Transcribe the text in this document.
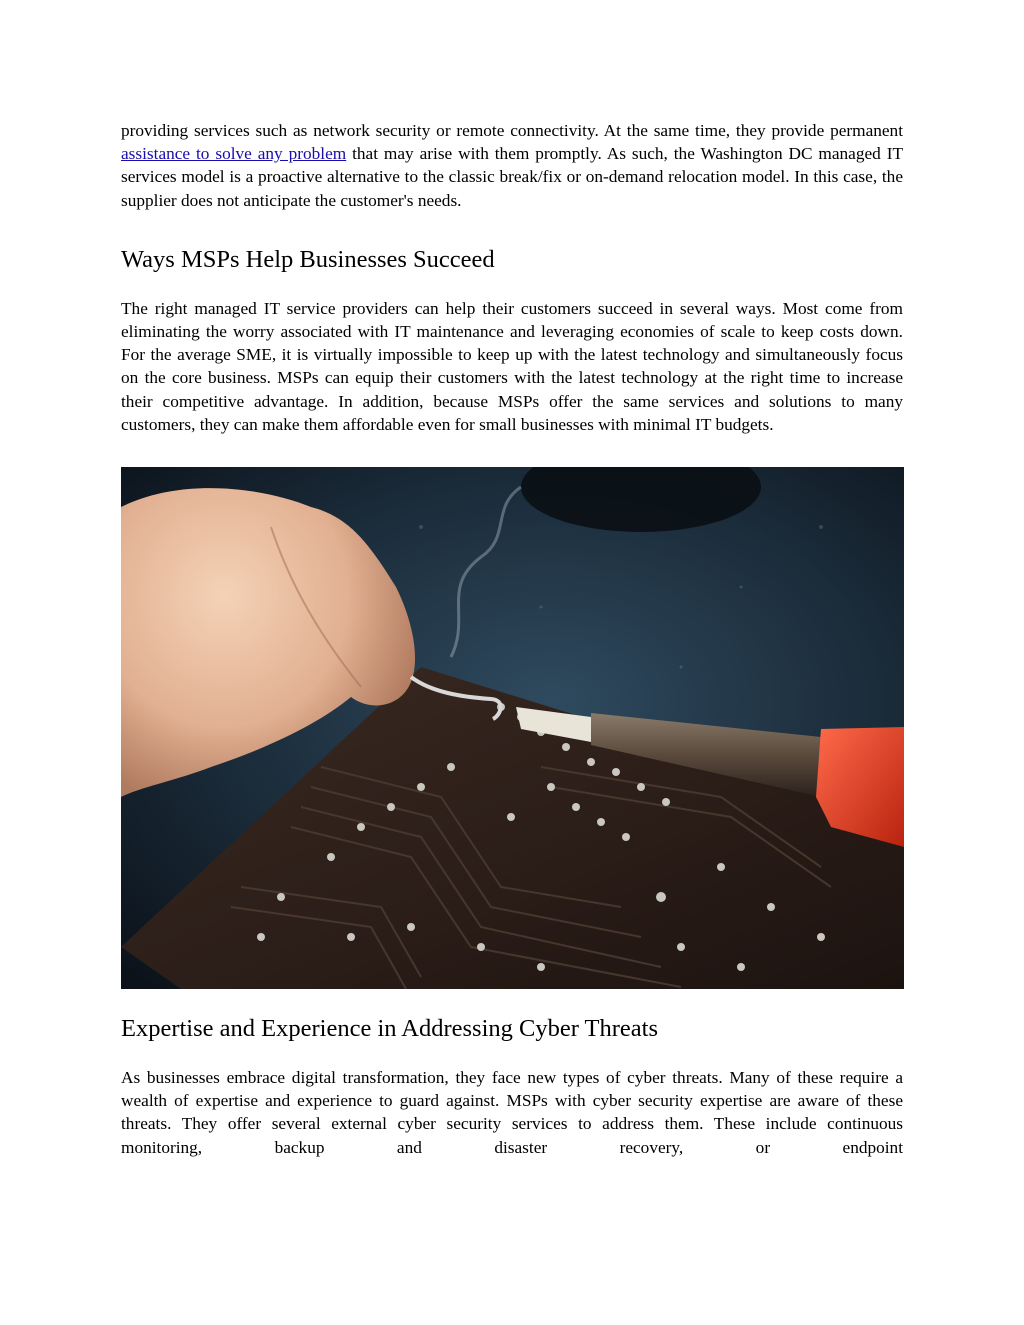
providing services such as network security or remote connectivity. At the same time, they provide permanent assistance to solve any problem that may arise with them promptly. As such, the Washington DC managed IT services model is a proactive alternative to the classic break/fix or on-demand relocation model. In this case, the supplier does not anticipate the customer's needs.

Ways MSPs Help Businesses Succeed

The right managed IT service providers can help their customers succeed in several ways. Most come from eliminating the worry associated with IT maintenance and leveraging economies of scale to keep costs down. For the average SME, it is virtually impossible to keep up with the latest technology and simultaneously focus on the core business. MSPs can equip their customers with the latest technology at the right time to increase their competitive advantage. In addition, because MSPs offer the same services and solutions to many customers, they can make them affordable even for small businesses with minimal IT budgets.

Expertise and Experience in Addressing Cyber Threats

As businesses embrace digital transformation, they face new types of cyber threats. Many of these require a wealth of expertise and experience to guard against. MSPs with cyber security expertise are aware of these threats. They offer several external cyber security services to address them. These include continuous monitoring, backup and disaster recovery, or endpoint
